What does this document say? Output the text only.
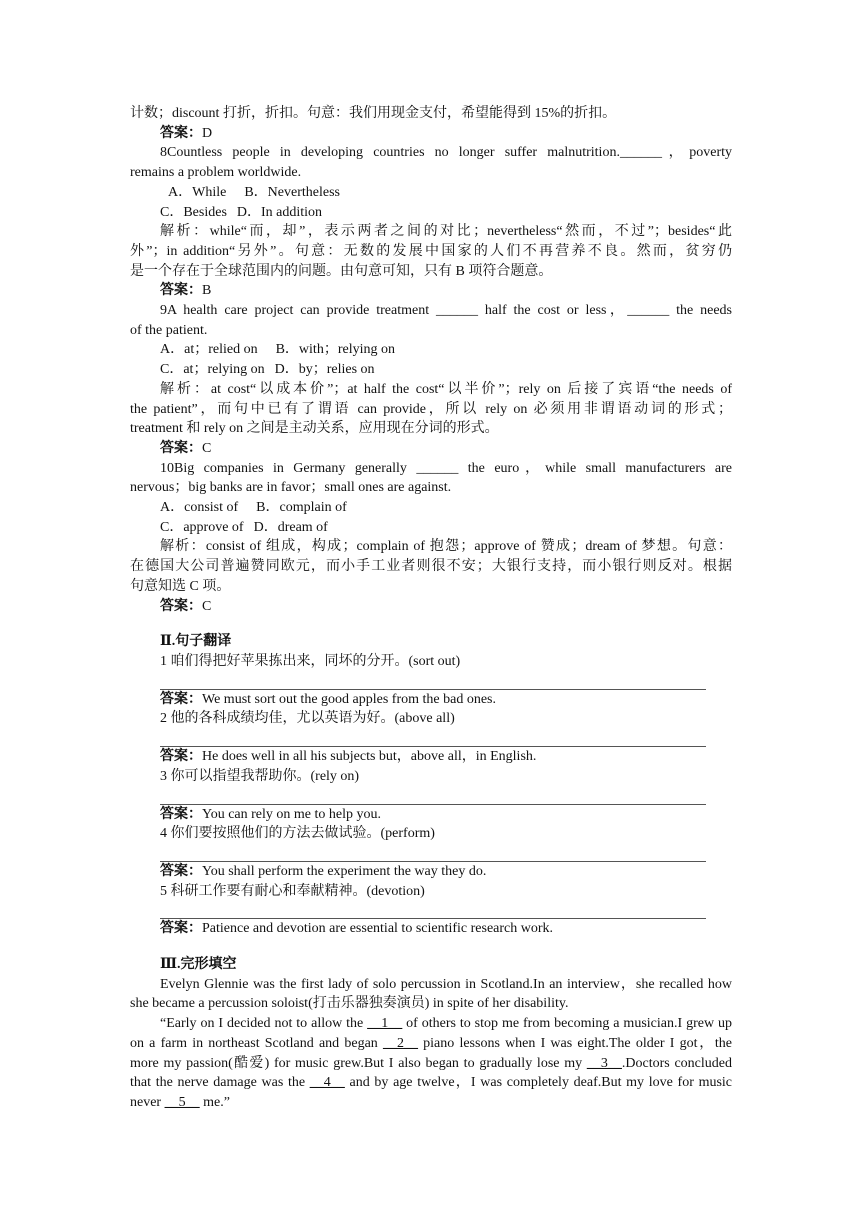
计数；discount 打折，折扣。句意：我们用现金支付，希望能得到 15%的折扣。
答案：D
8Countless people in developing countries no longer suffer malnutrition.______，poverty
remains a problem worldwide.
A．While B．Nevertheless
C．Besides D．In addition
解析：while“而，却”，表示两者之间的对比；nevertheless“然而，不过”；besides“此
外”；in addition“另外”。句意：无数的发展中国家的人们不再营养不良。然而，贫穷仍
是一个存在于全球范围内的问题。由句意可知，只有 B 项符合题意。
答案：B
9A health care project can provide treatment ______ half the cost or less，______ the needs
of the patient.
A．at；relied on B．with；relying on
C．at；relying on D．by；relies on
解析：at cost“以成本价”；at half the cost“以半价”；rely on 后接了宾语“the needs of
the patient”，而句中已有了谓语 can provide，所以 rely on 必须用非谓语动词的形式；
treatment 和 rely on 之间是主动关系，应用现在分词的形式。
答案：C
10Big companies in Germany generally ______ the euro，while small manufacturers are
nervous；big banks are in favor；small ones are against.
A．consist of B．complain of
C．approve of D．dream of
解析：consist of 组成，构成；complain of 抱怨；approve of 赞成；dream of 梦想。句意：
在德国大公司普遍赞同欧元，而小手工业者则很不安；大银行支持，而小银行则反对。根据
句意知选 C 项。
答案：C
Ⅱ.句子翻译
1 咱们得把好苹果拣出来，同坏的分开。(sort out)
答案：We must sort out the good apples from the bad ones.
2 他的各科成绩均佳，尤以英语为好。(above all)
答案：He does well in all his subjects but，above all，in English.
3 你可以指望我帮助你。(rely on)
答案：You can rely on me to help you.
4 你们要按照他们的方法去做试验。(perform)
答案：You shall perform the experiment the way they do.
5 科研工作要有耐心和奉献精神。(devotion)
答案：Patience and devotion are essential to scientific research work.
Ⅲ.完形填空
Evelyn Glennie was the first lady of solo percussion in Scotland.In an interview，she recalled how she became a percussion soloist(打击乐器独奏演员) in spite of her disability.
“Early on I decided not to allow the __1__ of others to stop me from becoming a musician.I grew up on a farm in northeast Scotland and began __2__ piano lessons when I was eight.The older I got，the more my passion(酷爱) for music grew.But I also began to gradually lose my __3__.Doctors concluded that the nerve damage was the __4__ and by age twelve，I was completely deaf.But my love for music never __5__ me.”
